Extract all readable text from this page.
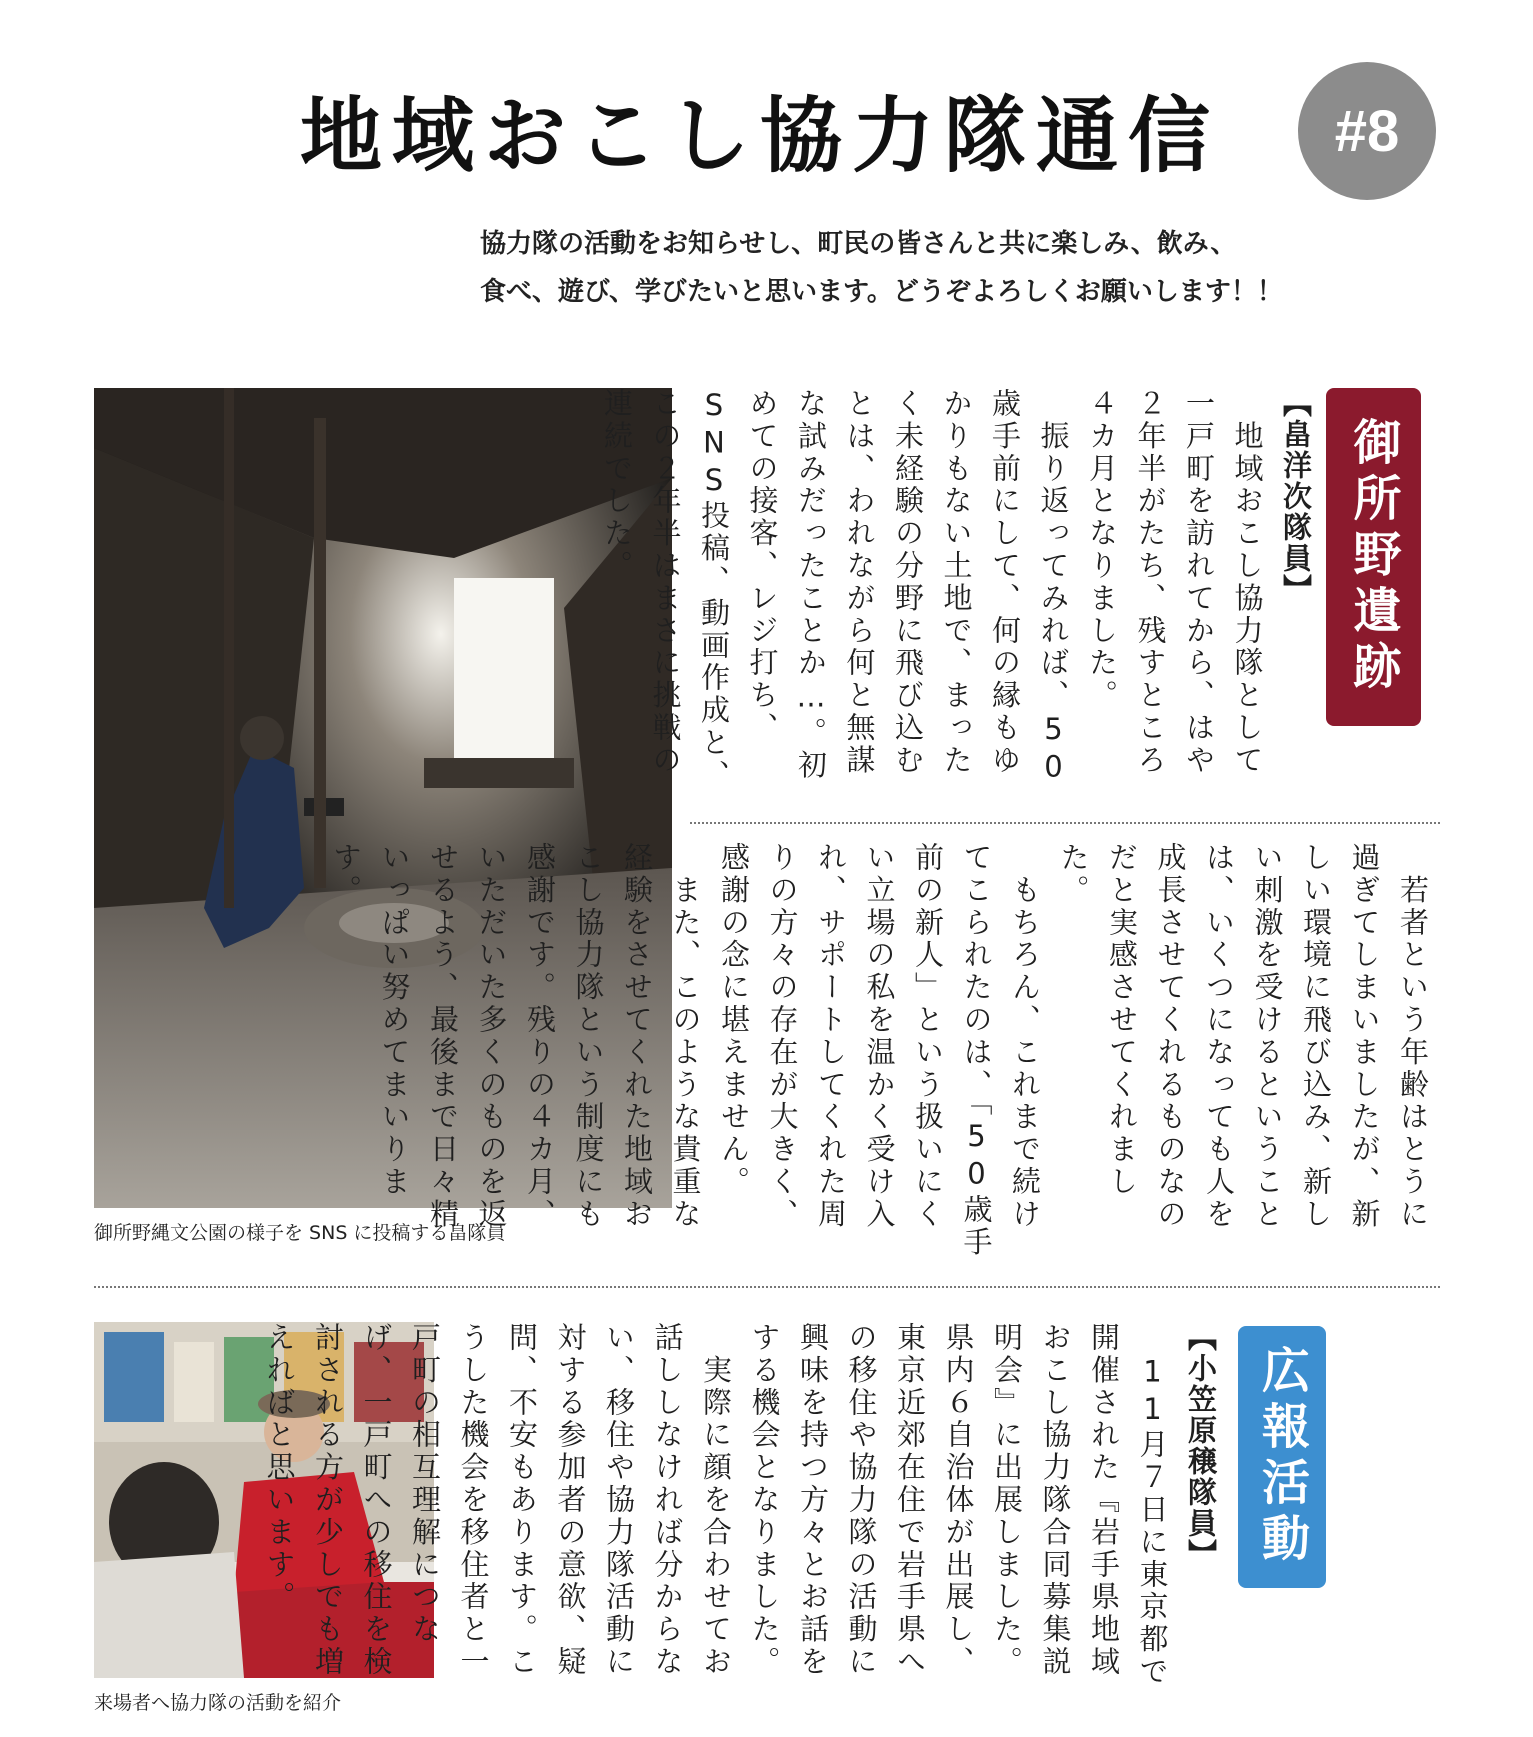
地域おこし協力隊通信	#8
協力隊の活動をお知らせし、町民の皆さんと共に楽しみ、飲み、
食べ、遊び、学びたいと思います。どうぞよろしくお願いします！！
御所野遺跡
御所野縄文公園の様子を SNS に投稿する畠隊員

【畠洋次隊員】

　地域おこし協力隊として一戸町を訪れてから、はや２年半がたち、残すところ４カ月となりました。

　振り返ってみれば、50歳手前にして、何の縁もゆかりもない土地で、まったく未経験の分野に飛び込むとは、われながら何と無謀な試みだったことか…。初めての接客、レジ打ち、SNS投稿、動画作成と、この２年半はまさに挑戦の連続でした。

　若者という年齢はとうに過ぎてしまいましたが、新しい環境に飛び込み、新しい刺激を受けるということは、いくつになっても人を成長させてくれるものなのだと実感させてくれました。

　もちろん、これまで続けてこられたのは、「50歳手前の新人」という扱いにくい立場の私を温かく受け入れ、サポートしてくれた周りの方々の存在が大きく、感謝の念に堪えません。

　また、このような貴重な経験をさせてくれた地域おこし協力隊という制度にも感謝です。残りの４カ月、いただいた多くのものを返せるよう、最後まで日々精いっぱい努めてまいります。

広報活動
来場者へ協力隊の活動を紹介

【小笠原穣隊員】

　11月７日に東京都で開催された『岩手県地域おこし協力隊合同募集説明会』に出展しました。県内６自治体が出展し、東京近郊在住で岩手県への移住や協力隊の活動に興味を持つ方々とお話をする機会となりました。

　実際に顔を合わせてお話ししなければ分からない、移住や協力隊活動に対する参加者の意欲、疑問、不安もあります。こうした機会を移住者と一戸町の相互理解につなげ、一戸町への移住を検討される方が少しでも増えればと思います。
